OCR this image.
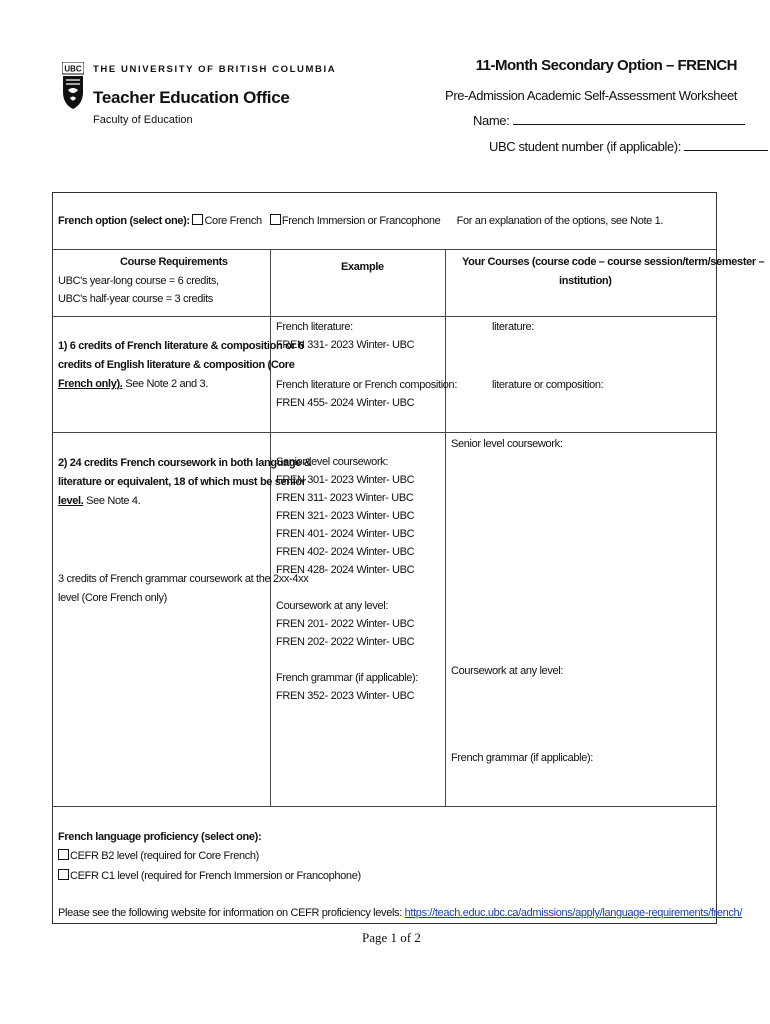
UBC THE UNIVERSITY OF BRITISH COLUMBIA
Teacher Education Office
Faculty of Education
11-Month Secondary Option – FRENCH
Pre-Admission Academic Self-Assessment Worksheet
Name:
UBC student number (if applicable):
French option (select one): Core French French Immersion or Francophone For an explanation of the options, see Note 1.
Course Requirements
UBC's year-long course = 6 credits,
UBC's half-year course = 3 credits
Example	Your Courses (course code – course session/term/semester –
institution)
1) 6 credits of French literature & composition or 6
credits of English literature & composition (Core
French only). See Note 2 and 3.
French literature:
FREN 331- 2023 Winter- UBC
French literature or French composition:
FREN 455- 2024 Winter- UBC
literature:
literature or composition:
2) 24 credits French coursework in both language &
literature or equivalent, 18 of which must be senior
level. See Note 4.
3 credits of French grammar coursework at the 2xx-4xx
level (Core French only)
Senior-level coursework:
FREN 301- 2023 Winter- UBC
FREN 311- 2023 Winter- UBC
FREN 321- 2023 Winter- UBC
FREN 401- 2024 Winter- UBC
FREN 402- 2024 Winter- UBC
FREN 428- 2024 Winter- UBC
Coursework at any level:
FREN 201- 2022 Winter- UBC
FREN 202- 2022 Winter- UBC
French grammar (if applicable):
FREN 352- 2023 Winter- UBC
Senior level coursework:
Coursework at any level:
French grammar (if applicable):
French language proficiency (select one):
CEFR B2 level (required for Core French)
CEFR C1 level (required for French Immersion or Francophone)
Please see the following website for information on CEFR proficiency levels: https://teach.educ.ubc.ca/admissions/apply/language-requirements/french/
Page 1 of 2
